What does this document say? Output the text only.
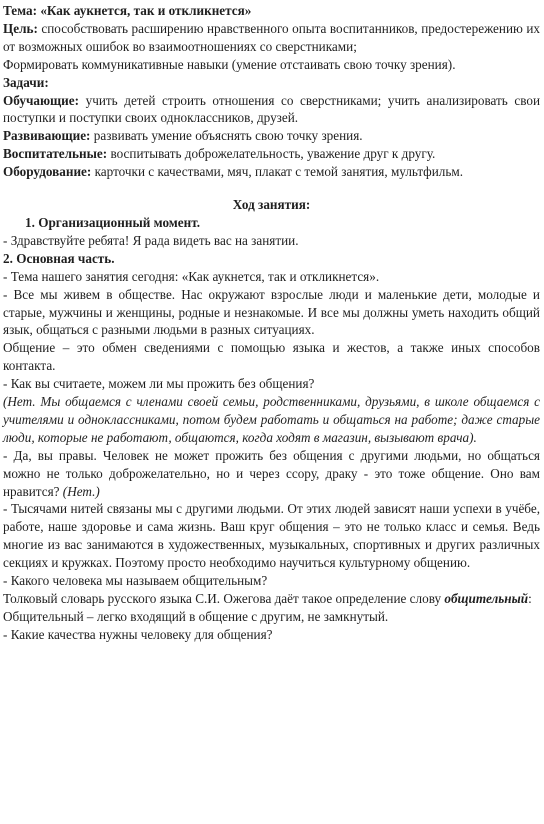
Тема: «Как аукнется, так и откликнется»

Цель: способствовать расширению нравственного опыта воспитанников, предостережению их от возможных ошибок во взаимоотношениях со сверстниками;

Формировать коммуникативные навыки (умение отстаивать свою точку зрения).

Задачи:

Обучающие: учить детей строить отношения со сверстниками; учить анализировать свои поступки и поступки своих одноклассников, друзей.

Развивающие: развивать умение объяснять свою точку зрения.

Воспитательные: воспитывать доброжелательность, уважение друг к другу.

Оборудование: карточки с качествами, мяч, плакат с темой занятия, мультфильм.

Ход занятия:

1. Организационный момент.

- Здравствуйте ребята! Я рада видеть вас на занятии.

2. Основная часть.

- Тема нашего занятия сегодня: «Как аукнется, так и откликнется».

- Все мы живем в обществе. Нас окружают взрослые люди и маленькие дети, молодые и старые, мужчины и женщины, родные и незнакомые. И все мы должны уметь находить общий язык, общаться с разными людьми в разных ситуациях.

Общение – это обмен сведениями с помощью языка и жестов, а также иных способов контакта.

- Как вы считаете, можем ли мы прожить без общения?

(Нет. Мы общаемся с членами своей семьи, родственниками, друзьями, в школе общаемся с учителями и одноклассниками, потом будем работать и общаться на работе; даже старые люди, которые не работают, общаются, когда ходят в магазин, вызывают врача).

- Да, вы правы. Человек не может прожить без общения с другими людьми, но общаться можно не только доброжелательно, но и через ссору, драку - это тоже общение. Оно вам нравится? (Нет.)

- Тысячами нитей связаны мы с другими людьми. От этих людей зависят наши успехи в учёбе, работе, наше здоровье и сама жизнь. Ваш круг общения – это не только класс и семья. Ведь многие из вас занимаются в художественных, музыкальных, спортивных и других различных секциях и кружках. Поэтому просто необходимо научиться культурному общению.

- Какого человека мы называем общительным?

Толковый словарь русского языка С.И. Ожегова даёт такое определение слову общительный:

Общительный – легко входящий в общение с другим, не замкнутый.

- Какие качества нужны человеку для общения?
